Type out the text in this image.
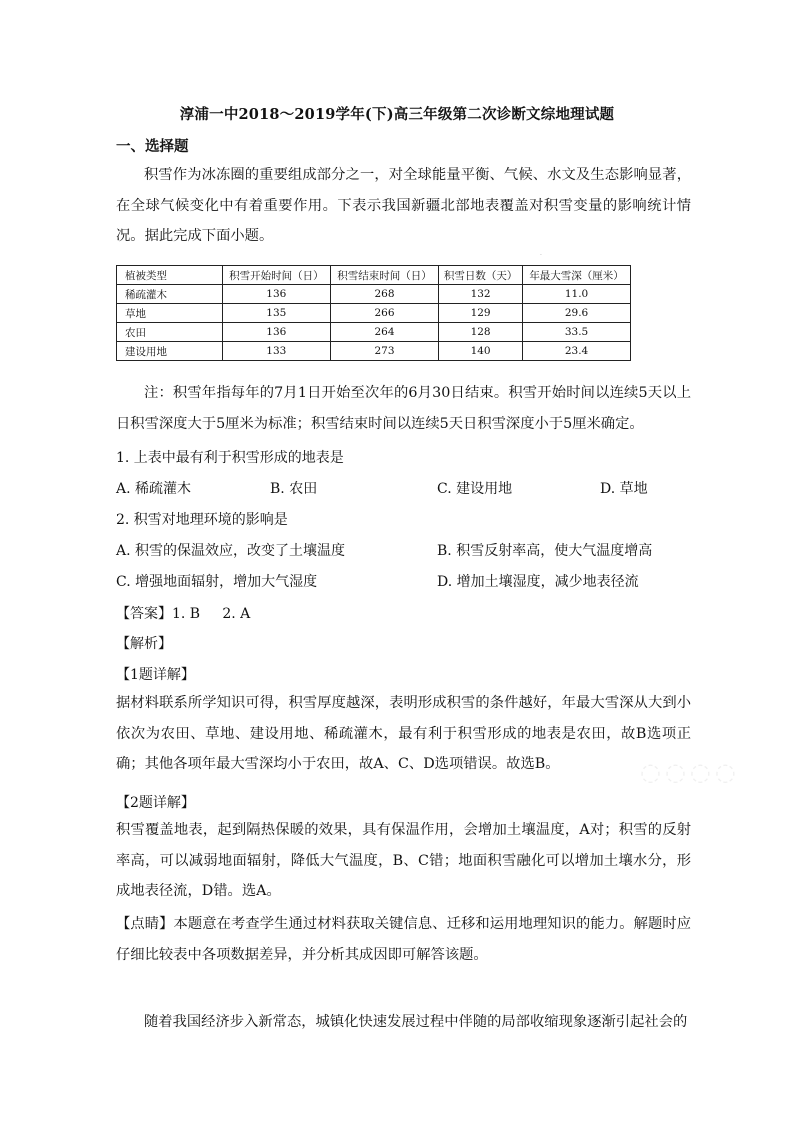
淳浦一中2018～2019学年(下)高三年级第二次诊断文综地理试题
一、选择题
积雪作为冰冻圈的重要组成部分之一，对全球能量平衡、气候、水文及生态影响显著，在全球气候变化中有着重要作用。下表示我国新疆北部地表覆盖对积雪变量的影响统计情况。据此完成下面小题。
植被类型	积雪开始时间（日）	积雪结束时间（日）	积雪日数（天）	年最大雪深（厘米）
稀疏灌木	136	268	132	11.0
草地	135	266	129	29.6
农田	136	264	128	33.5
建设用地	133	273	140	23.4
注：积雪年指每年的7月1日开始至次年的6月30日结束。积雪开始时间以连续5天以上日积雪深度大于5厘米为标准；积雪结束时间以连续5天日积雪深度小于5厘米确定。
1. 上表中最有利于积雪形成的地表是
A. 稀疏灌木	B. 农田	C. 建设用地	D. 草地
2. 积雪对地理环境的影响是
A. 积雪的保温效应，改变了土壤温度	B. 积雪反射率高，使大气温度增高
C. 增强地面辐射，增加大气湿度	D. 增加土壤湿度，减少地表径流
【答案】1. B     2. A
【解析】
【1题详解】
据材料联系所学知识可得，积雪厚度越深，表明形成积雪的条件越好，年最大雪深从大到小依次为农田、草地、建设用地、稀疏灌木，最有利于积雪形成的地表是农田，故B选项正确；其他各项年最大雪深均小于农田，故A、C、D选项错误。故选B。
【2题详解】
积雪覆盖地表，起到隔热保暖的效果，具有保温作用，会增加土壤温度，A对；积雪的反射率高，可以减弱地面辐射，降低大气温度，B、C错；地面积雪融化可以增加土壤水分，形成地表径流，D错。选A。
【点睛】本题意在考查学生通过材料获取关键信息、迁移和运用地理知识的能力。解题时应仔细比较表中各项数据差异，并分析其成因即可解答该题。
随着我国经济步入新常态，城镇化快速发展过程中伴随的局部收缩现象逐渐引起社会的
◌◌◌◌
·
